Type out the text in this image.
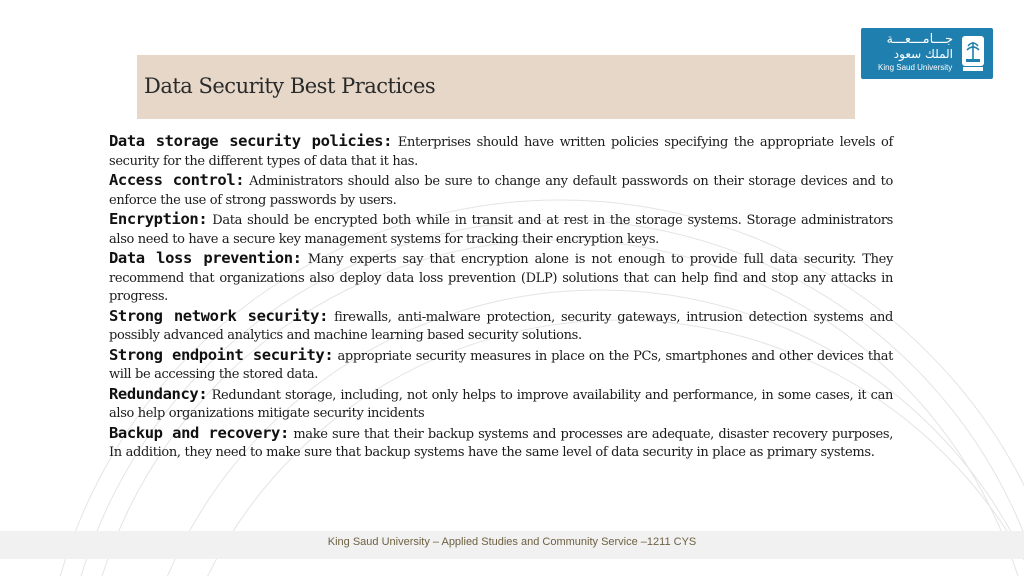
Data Security Best Practices
جـــامـــعـــة
الملك سعود
King Saud University

Data storage security policies: Enterprises should have written policies specifying the appropriate levels of security for the different types of data that it has.

Access control: Administrators should also be sure to change any default passwords on their storage devices and to enforce the use of strong passwords by users.

Encryption: Data should be encrypted both while in transit and at rest in the storage systems. Storage administrators also need to have a secure key management systems for tracking their encryption keys.

Data loss prevention: Many experts say that encryption alone is not enough to provide full data security. They recommend that organizations also deploy data loss prevention (DLP) solutions that can help find and stop any attacks in progress.

Strong network security: firewalls, anti-malware protection, security gateways, intrusion detection systems and possibly advanced analytics and machine learning based security solutions.

Strong endpoint security: appropriate security measures in place on the PCs, smartphones and other devices that will be accessing the stored data.

Redundancy: Redundant storage, including, not only helps to improve availability and performance, in some cases, it can also help organizations mitigate security incidents

Backup and recovery: make sure that their backup systems and processes are adequate, disaster recovery purposes, In addition, they need to make sure that backup systems have the same level of data security in place as primary systems.

King Saud University – Applied Studies and Community Service –1211 CYS
